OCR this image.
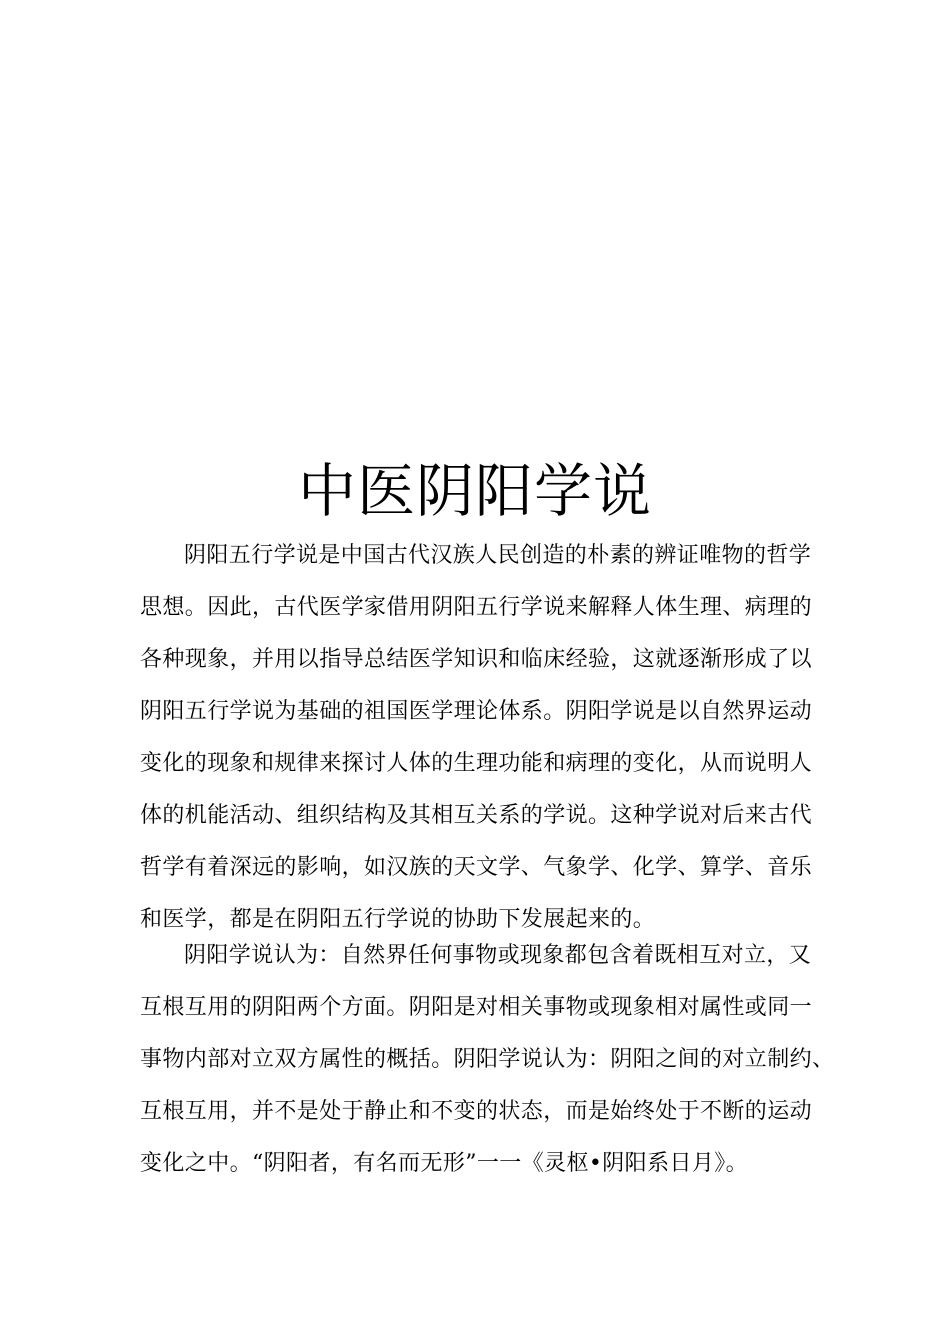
中医阴阳学说
阴阳五行学说是中国古代汉族人民创造的朴素的辨证唯物的哲学
思想。因此，古代医学家借用阴阳五行学说来解释人体生理、病理的
各种现象，并用以指导总结医学知识和临床经验，这就逐渐形成了以
阴阳五行学说为基础的祖国医学理论体系。阴阳学说是以自然界运动
变化的现象和规律来探讨人体的生理功能和病理的变化，从而说明人
体的机能活动、组织结构及其相互关系的学说。这种学说对后来古代
哲学有着深远的影响，如汉族的天文学、气象学、化学、算学、音乐
和医学，都是在阴阳五行学说的协助下发展起来的。
阴阳学说认为：自然界任何事物或现象都包含着既相互对立，又
互根互用的阴阳两个方面。阴阳是对相关事物或现象相对属性或同一
事物内部对立双方属性的概括。阴阳学说认为：阴阳之间的对立制约、
互根互用，并不是处于静止和不变的状态，而是始终处于不断的运动
变化之中。“阴阳者，有名而无形”一一《灵枢•阴阳系日月》。
